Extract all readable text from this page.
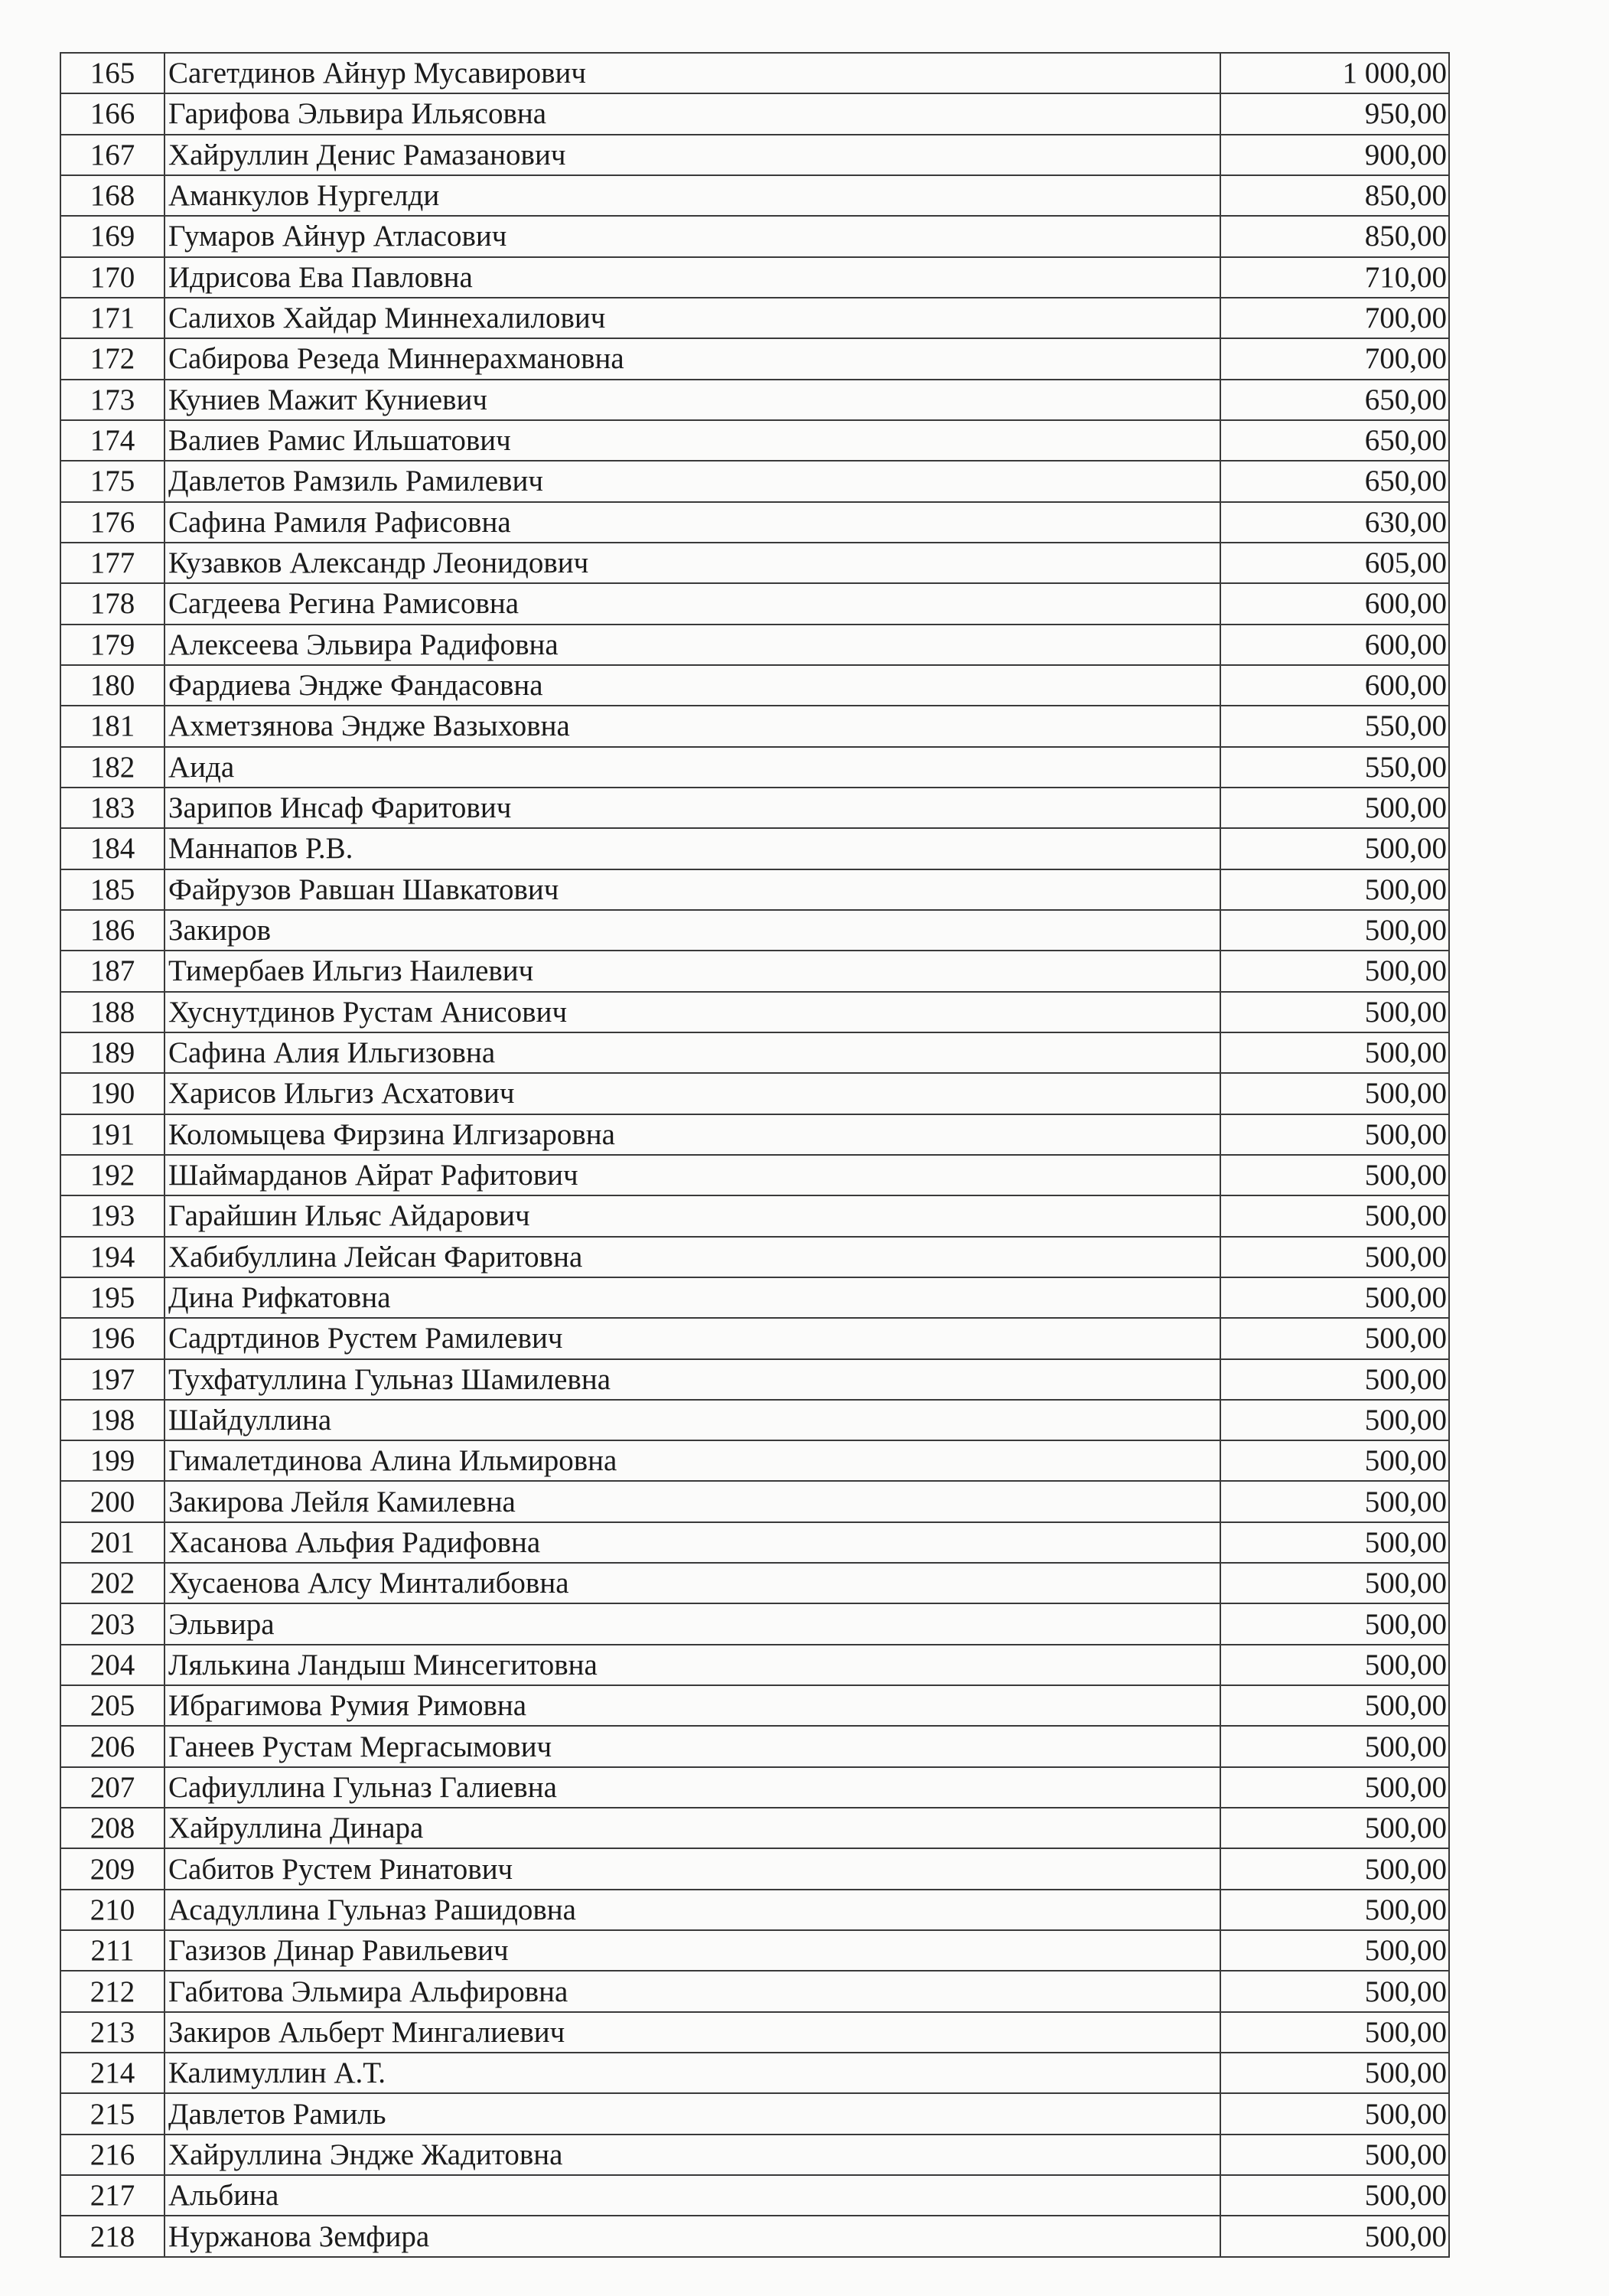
165	Сагетдинов Айнур Мусавирович	1 000,00
166	Гарифова Эльвира Ильясовна	950,00
167	Хайруллин Денис Рамазанович	900,00
168	Аманкулов Нургелди	850,00
169	Гумаров Айнур Атласович	850,00
170	Идрисова Ева Павловна	710,00
171	Салихов Хайдар Миннехалилович	700,00
172	Сабирова Резеда Миннерахмановна	700,00
173	Куниев Мажит Куниевич	650,00
174	Валиев Рамис Ильшатович	650,00
175	Давлетов Рамзиль Рамилевич	650,00
176	Сафина Рамиля Рафисовна	630,00
177	Кузавков Александр Леонидович	605,00
178	Сагдеева Регина Рамисовна	600,00
179	Алексеева Эльвира Радифовна	600,00
180	Фардиева Эндже Фандасовна	600,00
181	Ахметзянова Эндже Вазыховна	550,00
182	Аида	550,00
183	Зарипов Инсаф Фаритович	500,00
184	Маннапов Р.В.	500,00
185	Файрузов Равшан Шавкатович	500,00
186	Закиров	500,00
187	Тимербаев Ильгиз Наилевич	500,00
188	Хуснутдинов Рустам Анисович	500,00
189	Сафина Алия Ильгизовна	500,00
190	Харисов Ильгиз Асхатович	500,00
191	Коломыцева Фирзина Илгизаровна	500,00
192	Шаймарданов Айрат Рафитович	500,00
193	Гарайшин Ильяс Айдарович	500,00
194	Хабибуллина Лейсан Фаритовна	500,00
195	Дина Рифкатовна	500,00
196	Садртдинов Рустем Рамилевич	500,00
197	Тухфатуллина Гульназ Шамилевна	500,00
198	Шайдуллина	500,00
199	Гималетдинова Алина Ильмировна	500,00
200	Закирова Лейля Камилевна	500,00
201	Хасанова Альфия Радифовна	500,00
202	Хусаенова Алсу Минталибовна	500,00
203	Эльвира	500,00
204	Лялькина Ландыш Минсегитовна	500,00
205	Ибрагимова Румия Римовна	500,00
206	Ганеев Рустам Мергасымович	500,00
207	Сафиуллина Гульназ Галиевна	500,00
208	Хайруллина Динара	500,00
209	Сабитов Рустем Ринатович	500,00
210	Асадуллина Гульназ Рашидовна	500,00
211	Газизов Динар Равильевич	500,00
212	Габитова Эльмира Альфировна	500,00
213	Закиров Альберт Мингалиевич	500,00
214	Калимуллин А.Т.	500,00
215	Давлетов Рамиль	500,00
216	Хайруллина Эндже Жадитовна	500,00
217	Альбина	500,00
218	Нуржанова Земфира	500,00
